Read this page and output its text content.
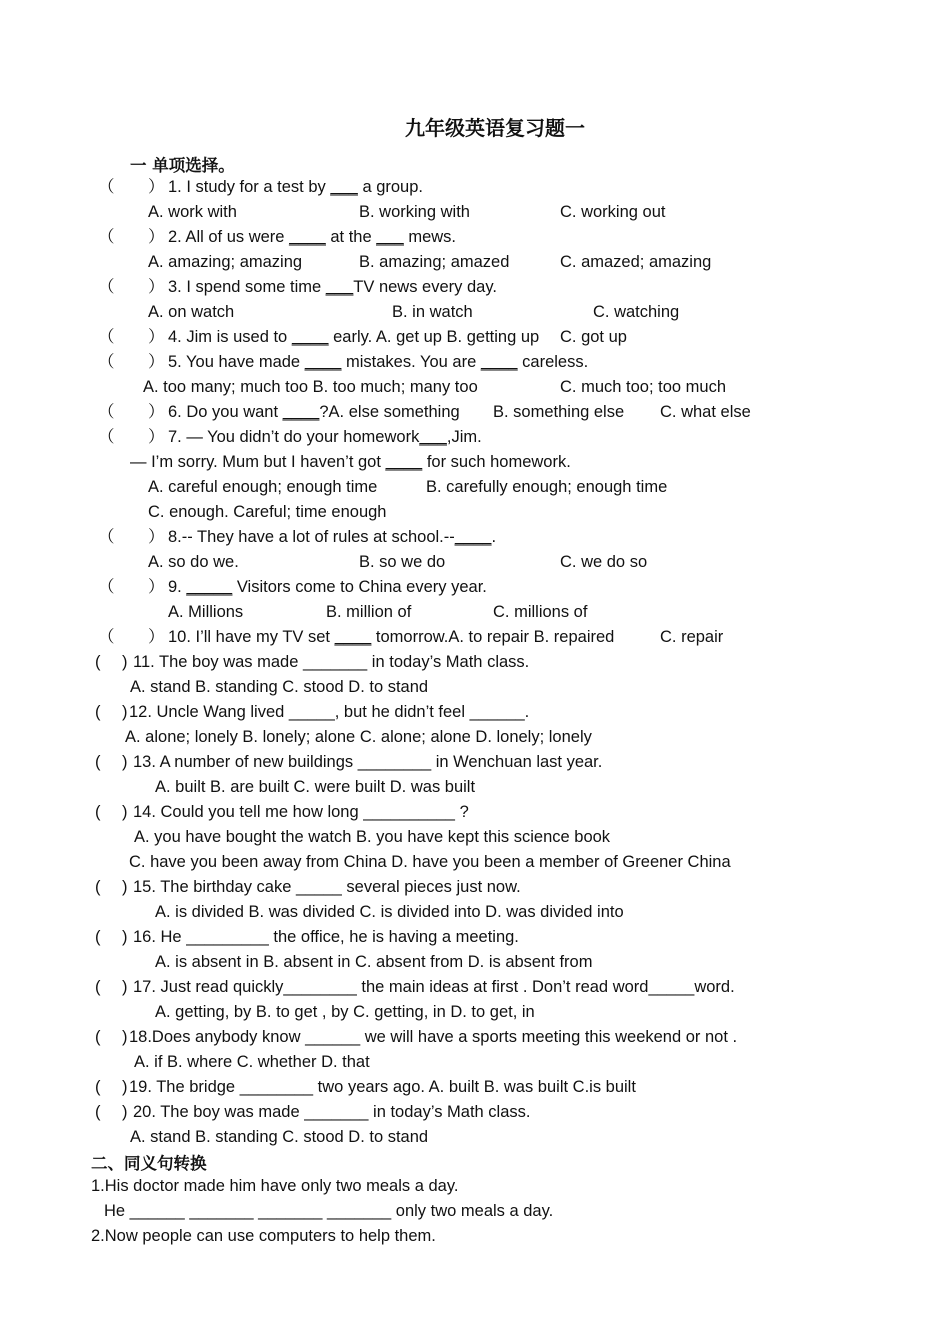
九年级英语复习题一
一 单项选择。
（ ） 1. I study for a test by ___ a group.
A. work with	B. working with	C. working out
（ ） 2. All of us were ____ at the ___ mews.
A. amazing; amazing	B. amazing; amazed	C. amazed; amazing
（ ） 3. I spend some time ___TV news every day.
A. on watch	B. in watch	C. watching
（ ） 4. Jim is used to ____ early. A. get up B. getting up C. got up
（ ） 5. You have made ____ mistakes. You are ____ careless.
A. too many; much too B. too much; many too	C. much too; too much
（ ） 6. Do you want ____?A. else something B. something else C. what else
（ ） 7. — You didn’t do your homework___,Jim.
— I’m sorry. Mum but I haven’t got ____ for such homework.
A. careful enough; enough time	B. carefully enough; enough time
C. enough. Careful; time enough
（ ） 8.-- They have a lot of rules at school.--____.
A. so do we.	B. so we do	C. we do so
（ ） 9. _____ Visitors come to China every year.
A. Millions	B. million of	C. millions of
（ ） 10. I’ll have my TV set ____ tomorrow.A. to repair B. repaired	C. repair
( ) 11. The boy was made _______ in today’s Math class.
A. stand B. standing C. stood D. to stand
( ) 12. Uncle Wang lived _____, but he didn’t feel ______.
A. alone; lonely B. lonely; alone C. alone; alone D. lonely; lonely
( ) 13. A number of new buildings ________ in Wenchuan last year.
A. built B. are built C. were built D. was built
( ) 14. Could you tell me how long __________ ?
A. you have bought the watch B. you have kept this science book
C. have you been away from China D. have you been a member of Greener China
( ) 15. The birthday cake _____ several pieces just now.
A. is divided B. was divided C. is divided into D. was divided into
( ) 16. He _________ the office, he is having a meeting.
A. is absent in B. absent in C. absent from D. is absent from
( ) 17. Just read quickly________ the main ideas at first . Don’t read word_____word.
A. getting, by B. to get , by C. getting, in D. to get, in
( ) 18.Does anybody know ______ we will have a sports meeting this weekend or not .
A. if B. where C. whether D. that
( ) 19. The bridge ________ two years ago. A. built B. was built C.is built
( ) 20. The boy was made _______ in today’s Math class.
A. stand B. standing C. stood D. to stand
二、同义句转换
1.His doctor made him have only two meals a day.
He ______ _______ _______ _______ only two meals a day.
2.Now people can use computers to help them.
